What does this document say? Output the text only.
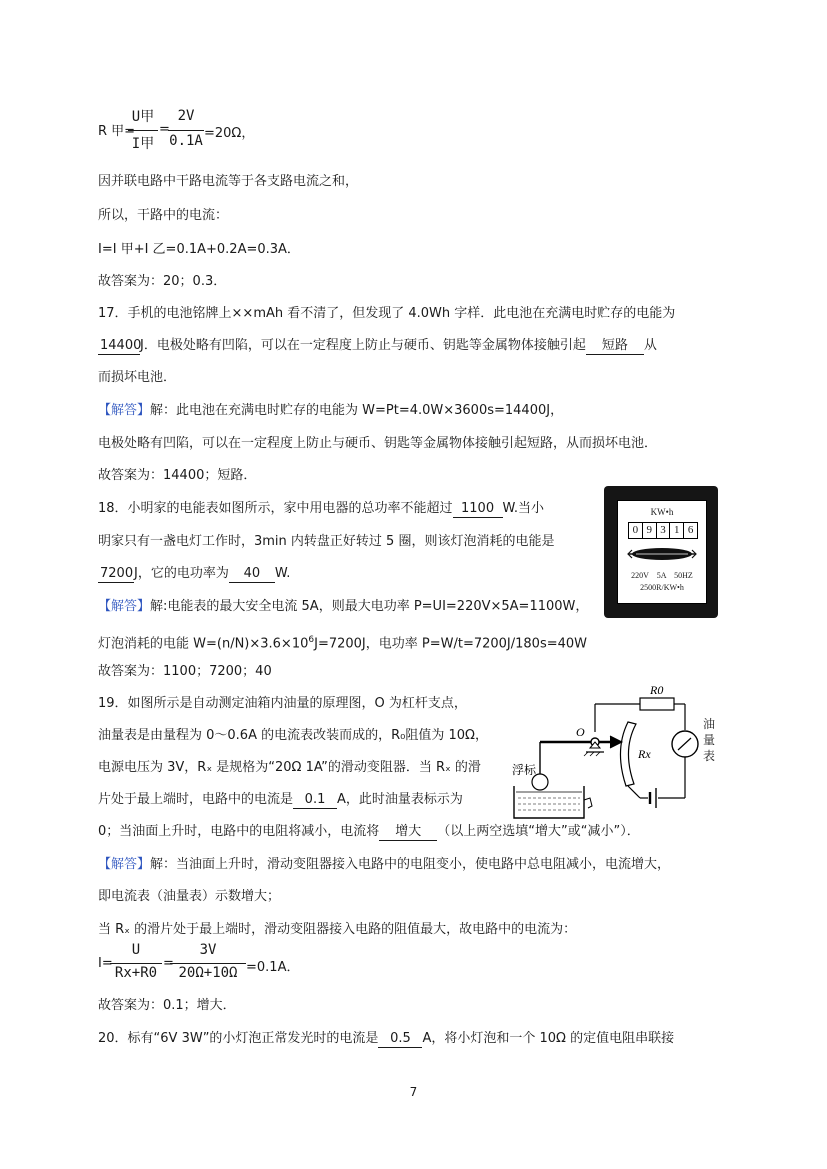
R 甲=
U甲
I甲
=
2V
0.1A =20Ω，
因并联电路中干路电流等于各支路电流之和，
所以，干路中的电流：
I=I 甲+I 乙=0.1A+0.2A=0.3A．
故答案为：20；0.3．
17．手机的电池铭牌上××mAh 看不清了，但发现了 4.0Wh 字样．此电池在充满电时贮存的电能为
14400J．电极处略有凹陷，可以在一定程度上防止与硬币、钥匙等金属物体接触引起 短路 从
而损坏电池．
【解答】解：此电池在充满电时贮存的电能为 W=Pt=4.0W×3600s=14400J，
电极处略有凹陷，可以在一定程度上防止与硬币、钥匙等金属物体接触引起短路，从而损坏电池．
故答案为：14400；短路．
18．小明家的电能表如图所示，家中用电器的总功率不能超过 1100 W.当小
明家只有一盏电灯工作时，3min 内转盘正好转过 5 圈，则该灯泡消耗的电能是
7200J，它的电功率为 40 W.
KW•h
0 9 3 1 6
220V    5A    50HZ
2500R/KW•h
【解答】解:电能表的最大安全电流 5A，则最大电功率 P=UI=220V×5A=1100W，
灯泡消耗的电能 $W=(n/N)\times 3.6\times 10^6J=7200J$，电功率 P=W/t=7200J/180s=40W
故答案为：1100；7200；40
19．如图所示是自动测定油箱内油量的原理图，O 为杠杆支点，
油量表是由量程为 0～0.6A 的电流表改装而成的，R₀阻值为 10Ω，
电源电压为 3V，Rₓ 是规格为“20Ω 1A”的滑动变阻器．当 Rₓ 的滑
片处于最上端时，电路中的电流是 0.1 A，此时油量表标示为
0；当油面上升时，电路中的电阻将减小，电流将 增大 （以上两空选填“增大”或“减小”）．
R0
O
Rx
浮标
油量表
【解答】解：当油面上升时，滑动变阻器接入电路中的电阻变小，使电路中总电阻减小，电流增大，
即电流表（油量表）示数增大；
当 Rₓ 的滑片处于最上端时，滑动变阻器接入电路的阻值最大，故电路中的电流为：
I=
U
Rx+R0
=
3V
20Ω+10Ω =0.1A．
故答案为：0.1；增大．
20．标有“6V 3W”的小灯泡正常发光时的电流是 0.5 A，将小灯泡和一个 10Ω 的定值电阻串联接
7
